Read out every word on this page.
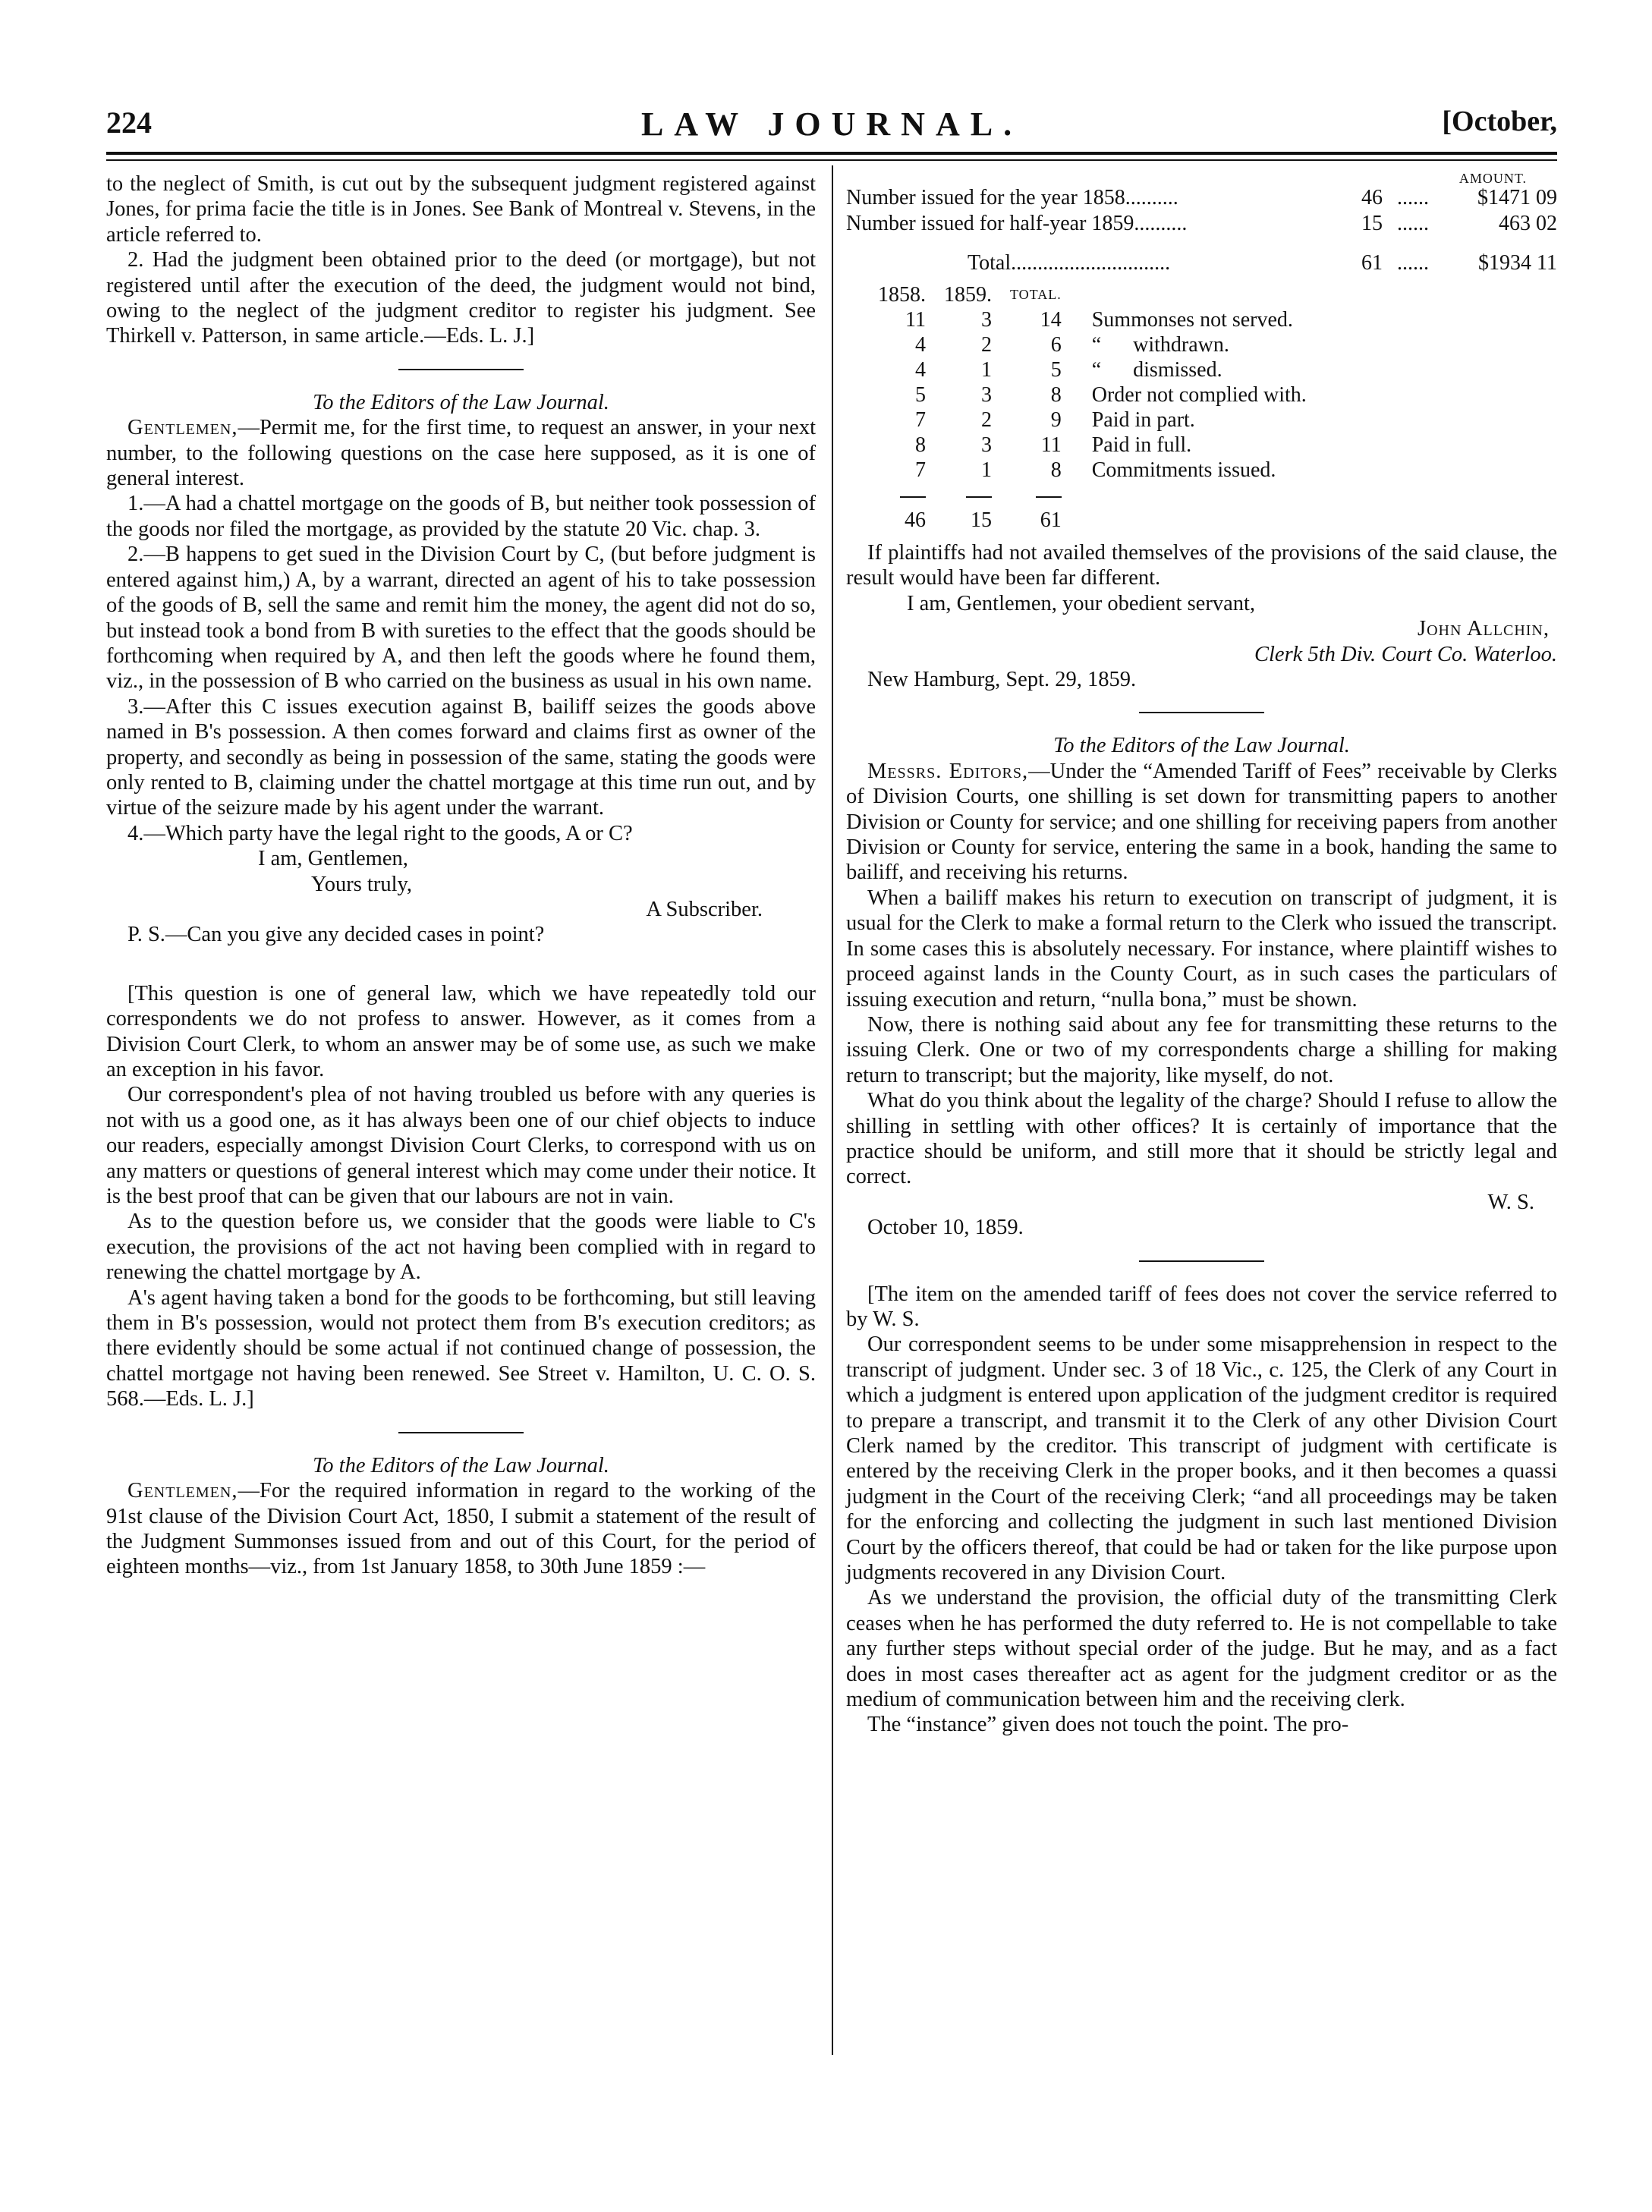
224	LAW JOURNAL.	[October,

to the neglect of Smith, is cut out by the subsequent judgment registered against Jones, for prima facie the title is in Jones. See Bank of Montreal v. Stevens, in the article referred to.

2. Had the judgment been obtained prior to the deed (or mortgage), but not registered until after the execution of the deed, the judgment would not bind, owing to the neglect of the judgment creditor to register his judgment. See Thirkell v. Patterson, in same article.—Eds. L. J.]

To the Editors of the Law Journal.

Gentlemen,—Permit me, for the first time, to request an answer, in your next number, to the following questions on the case here supposed, as it is one of general interest.

1.—A had a chattel mortgage on the goods of B, but neither took possession of the goods nor filed the mortgage, as provided by the statute 20 Vic. chap. 3.

2.—B happens to get sued in the Division Court by C, (but before judgment is entered against him,) A, by a warrant, directed an agent of his to take possession of the goods of B, sell the same and remit him the money, the agent did not do so, but instead took a bond from B with sureties to the effect that the goods should be forthcoming when required by A, and then left the goods where he found them, viz., in the possession of B who carried on the business as usual in his own name.

3.—After this C issues execution against B, bailiff seizes the goods above named in B's possession. A then comes forward and claims first as owner of the property, and secondly as being in possession of the same, stating the goods were only rented to B, claiming under the chattel mortgage at this time run out, and by virtue of the seizure made by his agent under the warrant.

4.—Which party have the legal right to the goods, A or C?

I am, Gentlemen,

Yours truly,

A Subscriber.

P. S.—Can you give any decided cases in point?

[This question is one of general law, which we have repeatedly told our correspondents we do not profess to answer. However, as it comes from a Division Court Clerk, to whom an answer may be of some use, as such we make an exception in his favor.

Our correspondent's plea of not having troubled us before with any queries is not with us a good one, as it has always been one of our chief objects to induce our readers, especially amongst Division Court Clerks, to correspond with us on any matters or questions of general interest which may come under their notice. It is the best proof that can be given that our labours are not in vain.

As to the question before us, we consider that the goods were liable to C's execution, the provisions of the act not having been complied with in regard to renewing the chattel mortgage by A.

A's agent having taken a bond for the goods to be forthcoming, but still leaving them in B's possession, would not protect them from B's execution creditors; as there evidently should be some actual if not continued change of possession, the chattel mortgage not having been renewed. See Street v. Hamilton, U. C. O. S. 568.—Eds. L. J.]

To the Editors of the Law Journal.

Gentlemen,—For the required information in regard to the working of the 91st clause of the Division Court Act, 1850, I submit a statement of the result of the Judgment Summonses issued from and out of this Court, for the period of eighteen months—viz., from 1st January 1858, to 30th June 1859 :—

AMOUNT.
Number issued for the year 1858..........	46 ......	$1471 09
Number issued for half-year 1859..........	15 ......	463 02
Total..............................	61 ......	$1934 11
1858.	1859.	TOTAL.	
11	3	14	Summonses not served.
4	2	6	“      withdrawn.
4	1	5	“      dismissed.
5	3	8	Order not complied with.
7	2	9	Paid in part.
8	3	11	Paid in full.
7	1	8	Commitments issued.

46	15	61	

If plaintiffs had not availed themselves of the provisions of the said clause, the result would have been far different.

I am, Gentlemen, your obedient servant,

John Allchin,

Clerk 5th Div. Court Co. Waterloo.

New Hamburg, Sept. 29, 1859.

To the Editors of the Law Journal.

Messrs. Editors,—Under the “Amended Tariff of Fees” receivable by Clerks of Division Courts, one shilling is set down for transmitting papers to another Division or County for service; and one shilling for receiving papers from another Division or County for service, entering the same in a book, handing the same to bailiff, and receiving his returns.

When a bailiff makes his return to execution on transcript of judgment, it is usual for the Clerk to make a formal return to the Clerk who issued the transcript. In some cases this is absolutely necessary. For instance, where plaintiff wishes to proceed against lands in the County Court, as in such cases the particulars of issuing execution and return, “nulla bona,” must be shown.

Now, there is nothing said about any fee for transmitting these returns to the issuing Clerk. One or two of my correspondents charge a shilling for making return to transcript; but the majority, like myself, do not.

What do you think about the legality of the charge? Should I refuse to allow the shilling in settling with other offices? It is certainly of importance that the practice should be uniform, and still more that it should be strictly legal and correct.

W. S.

October 10, 1859.

[The item on the amended tariff of fees does not cover the service referred to by W. S.

Our correspondent seems to be under some misapprehension in respect to the transcript of judgment. Under sec. 3 of 18 Vic., c. 125, the Clerk of any Court in which a judgment is entered upon application of the judgment creditor is required to prepare a transcript, and transmit it to the Clerk of any other Division Court Clerk named by the creditor. This transcript of judgment with certificate is entered by the receiving Clerk in the proper books, and it then becomes a quassi judgment in the Court of the receiving Clerk; “and all proceedings may be taken for the enforcing and collecting the judgment in such last mentioned Division Court by the officers thereof, that could be had or taken for the like purpose upon judgments recovered in any Division Court.

As we understand the provision, the official duty of the transmitting Clerk ceases when he has performed the duty referred to. He is not compellable to take any further steps without special order of the judge. But he may, and as a fact does in most cases thereafter act as agent for the judgment creditor or as the medium of communication between him and the receiving clerk.

The “instance” given does not touch the point. The pro-
